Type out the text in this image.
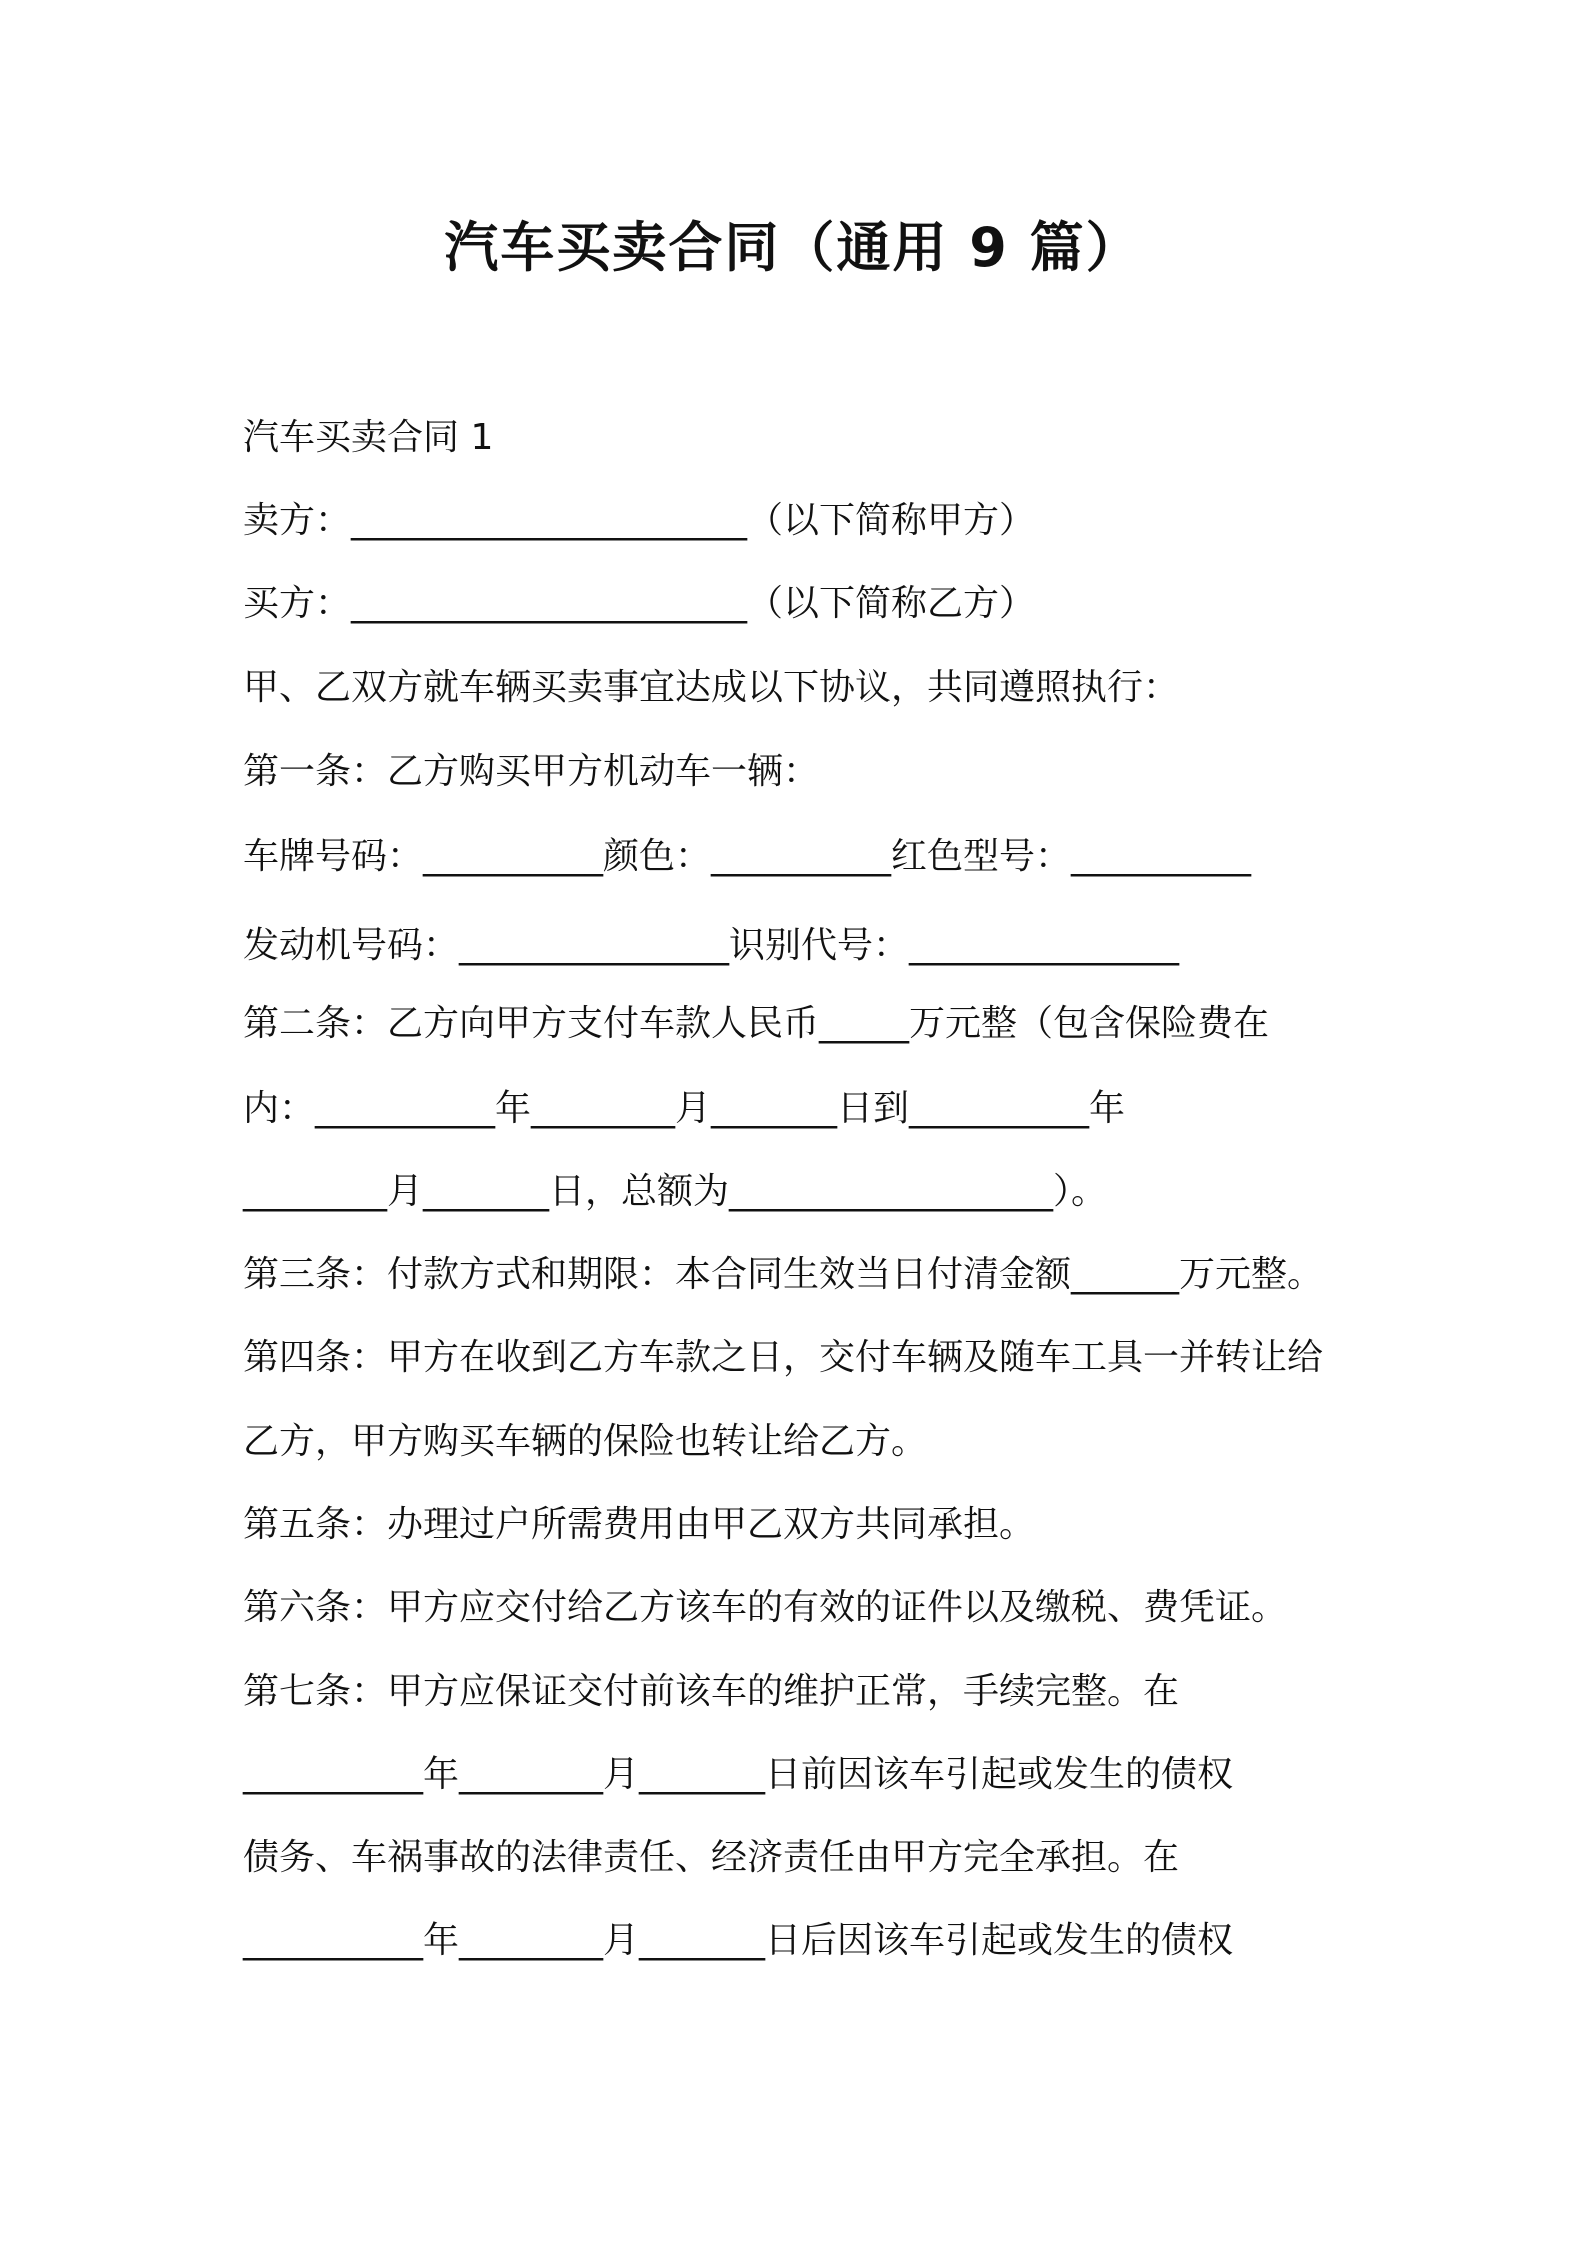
汽车买卖合同（通用 9 篇）
汽车买卖合同 1
卖方：______________________（以下简称甲方）
买方：______________________（以下简称乙方）
甲、乙双方就车辆买卖事宜达成以下协议，共同遵照执行：
第一条：乙方购买甲方机动车一辆：
车牌号码：__________颜色：__________红色型号：__________
发动机号码：_______________识别代号：_______________
第二条：乙方向甲方支付车款人民币_____万元整（包含保险费在
内：__________年________月_______日到__________年
________月_______日，总额为__________________）。
第三条：付款方式和期限：本合同生效当日付清金额______万元整。
第四条：甲方在收到乙方车款之日，交付车辆及随车工具一并转让给
乙方，甲方购买车辆的保险也转让给乙方。
第五条：办理过户所需费用由甲乙双方共同承担。
第六条：甲方应交付给乙方该车的有效的证件以及缴税、费凭证。
第七条：甲方应保证交付前该车的维护正常，手续完整。在
__________年________月_______日前因该车引起或发生的债权
债务、车祸事故的法律责任、经济责任由甲方完全承担。在
__________年________月_______日后因该车引起或发生的债权
